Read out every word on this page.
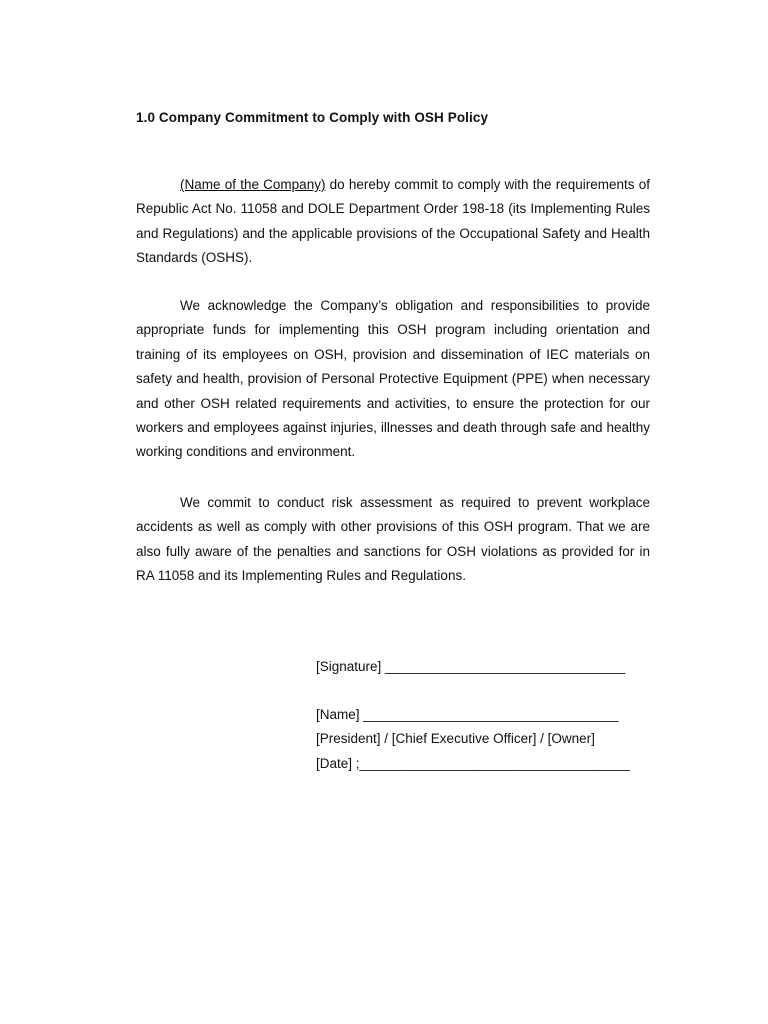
1.0 Company Commitment to Comply with OSH Policy

(Name of the Company) do hereby commit to comply with the requirements of Republic Act No. 11058 and DOLE Department Order 198-18 (its Implementing Rules and Regulations) and the applicable provisions of the Occupational Safety and Health Standards (OSHS).

We acknowledge the Company’s obligation and responsibilities to provide appropriate funds for implementing this OSH program including orientation and training of its employees on OSH, provision and dissemination of IEC materials on safety and health, provision of Personal Protective Equipment (PPE) when necessary and other OSH related requirements and activities, to ensure the protection for our workers and employees against injuries, illnesses and death through safe and healthy working conditions and environment.

We commit to conduct risk assessment as required to prevent workplace accidents as well as comply with other provisions of this OSH program. That we are also fully aware of the penalties and sanctions for OSH violations as provided for in RA 11058 and its Implementing Rules and Regulations.

[Signature] ________________________________
[Name] __________________________________
[President] / [Chief Executive Officer] / [Owner]
[Date] ;____________________________________
